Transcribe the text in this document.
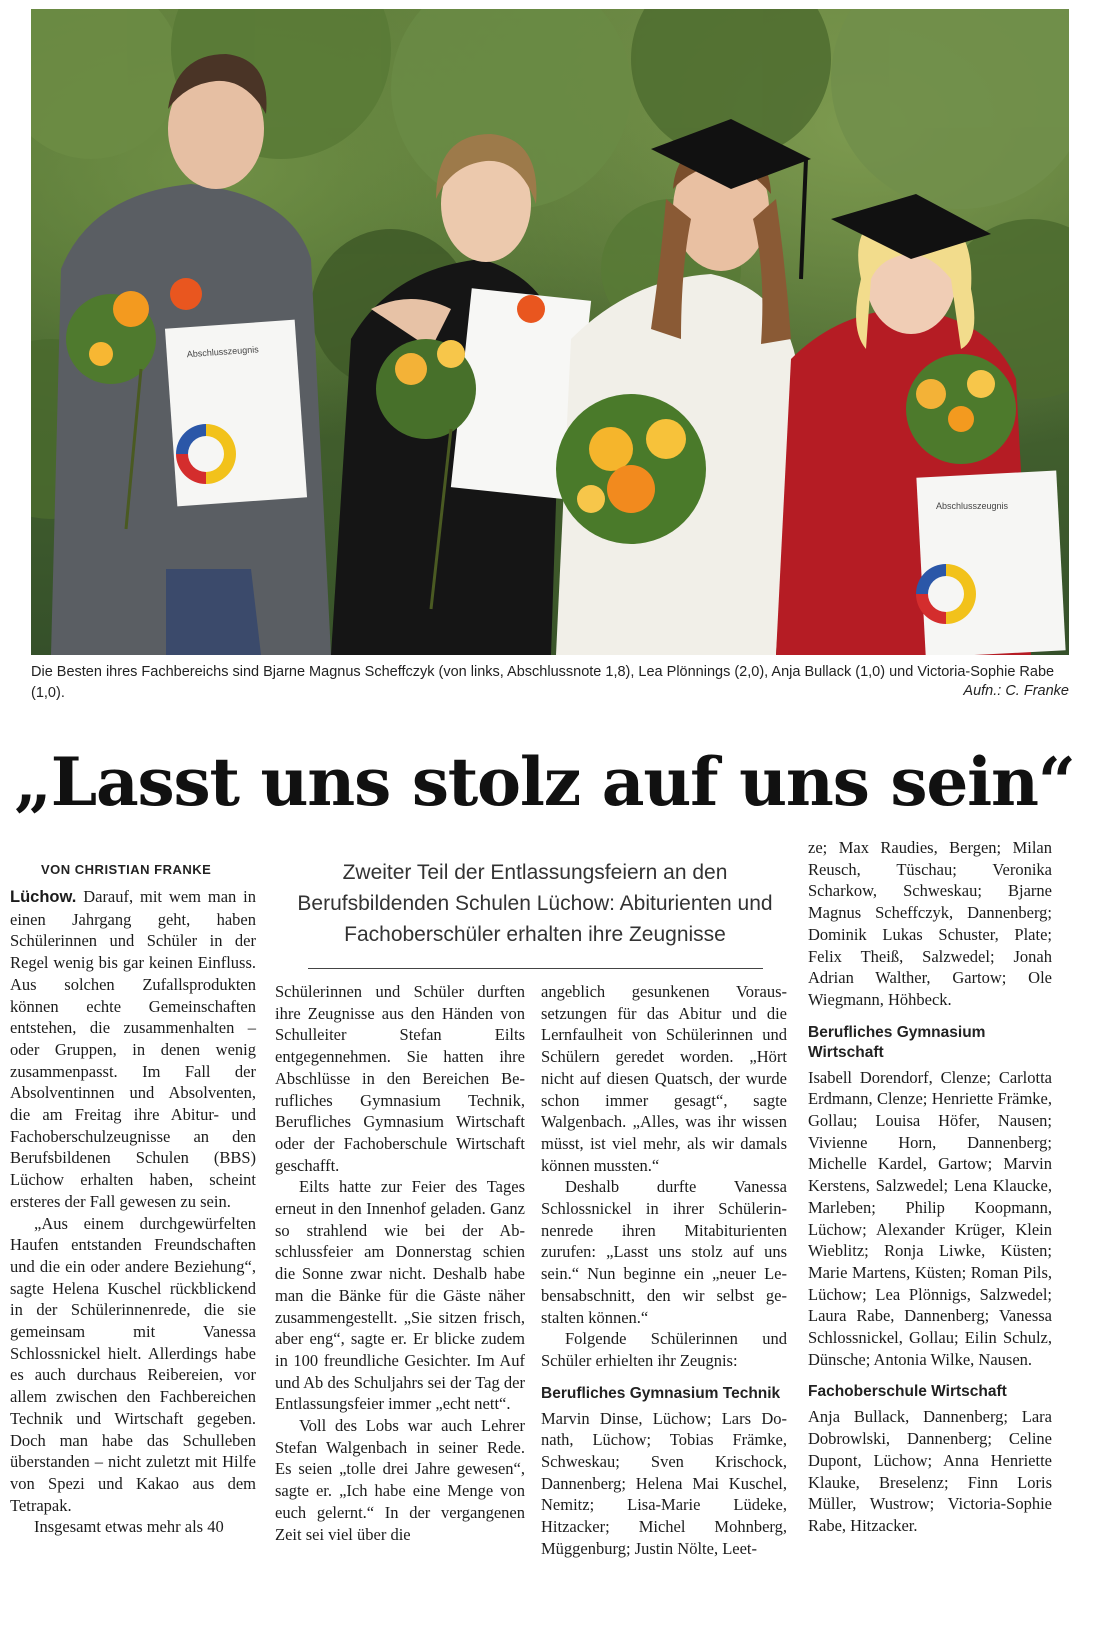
Abschlusszeugnis
Abschlusszeugnis
Die Besten ihres Fachbereichs sind Bjarne Magnus Scheffczyk (von links, Abschlussnote 1,8), Lea Plönnings (2,0), Anja Bullack (1,0) und Victoria-Sophie Rabe (1,0).	Aufn.: C. Franke
„Lasst uns stolz auf uns sein“
VON CHRISTIAN FRANKE	Zweiter Teil der Entlassungsfeiern an den Berufsbildenden Schulen Lüchow: Abiturienten und Fachoberschüler erhalten ihre Zeugnisse

Lüchow. Darauf, mit wem man in einen Jahrgang geht, haben Schülerinnen und Schüler in der Regel wenig bis gar keinen Einfluss. Aus solchen Zufallsprodukten können echte Gemeinschaften entstehen, die zusammenhalten – oder Gruppen, in denen wenig zusammenpasst. Im Fall der Absolventinnen und Absolventen, die am Freitag ihre Abitur- und Fachoberschulzeugnisse an den Berufsbildenen Schulen (BBS) Lüchow erhalten haben, scheint ersteres der Fall gewesen zu sein.

„Aus einem durchgewürfelten Haufen entstanden Freundschaften und die ein oder andere Beziehung“, sagte Helena Kuschel rückblickend in der Schülerinnenrede, die sie gemeinsam mit Vanessa Schlossnickel hielt. Allerdings habe es auch durchaus Reibereien, vor allem zwischen den Fachbereichen Technik und Wirtschaft gegeben. Doch man habe das Schulleben überstanden – nicht zuletzt mit Hilfe von Spezi und Kakao aus dem Tetrapak.

Insgesamt etwas mehr als 40

Schülerinnen und Schüler durften ihre Zeugnisse aus den Händen von Schulleiter Stefan Eilts entgegennehmen. Sie hatten ihre Abschlüsse in den Bereichen Berufliches Gymnasium Technik, Berufliches Gymnasium Wirtschaft oder der Fachoberschule Wirtschaft geschafft.

Eilts hatte zur Feier des Tages erneut in den Innenhof geladen. Ganz so strahlend wie bei der Abschlussfeier am Donnerstag schien die Sonne zwar nicht. Deshalb habe man die Bänke für die Gäste näher zusammengestellt. „Sie sitzen frisch, aber eng“, sagte er. Er blicke zudem in 100 freundliche Gesichter. Im Auf und Ab des Schuljahrs sei der Tag der Entlassungsfeier immer „echt nett“.

Voll des Lobs war auch Lehrer Stefan Walgenbach in seiner Rede. Es seien „tolle drei Jahre gewesen“, sagte er. „Ich habe eine Menge von euch gelernt.“ In der vergangenen Zeit sei viel über die

angeblich gesunkenen Voraussetzungen für das Abitur und die Lernfaulheit von Schülerinnen und Schülern geredet worden. „Hört nicht auf diesen Quatsch, der wurde schon immer gesagt“, sagte Walgenbach. „Alles, was ihr wissen müsst, ist viel mehr, als wir damals können mussten.“

Deshalb durfte Vanessa Schlossnickel in ihrer Schülerinnenrede ihren Mitabiturienten zurufen: „Lasst uns stolz auf uns sein.“ Nun beginne ein „neuer Lebensabschnitt, den wir selbst gestalten können.“

Folgende Schülerinnen und Schüler erhielten ihr Zeugnis:

Berufliches Gymnasium Technik

Marvin Dinse, Lüchow; Lars Donath, Lüchow; Tobias Främke, Schweskau; Sven Krischock, Dannenberg; Helena Mai Kuschel, Nemitz; Lisa-Marie Lüdeke, Hitzacker; Michel Mohnberg, Müggenburg; Justin Nölte, Leet-

ze; Max Raudies, Bergen; Milan Reusch, Tüschau; Veronika Scharkow, Schweskau; Bjarne Magnus Scheffczyk, Dannenberg; Dominik Lukas Schuster, Plate; Felix Theiß, Salzwedel; Jonah Adrian Walther, Gartow; Ole Wiegmann, Höhbeck.

Berufliches Gymnasium Wirtschaft

Isabell Dorendorf, Clenze; Carlotta Erdmann, Clenze; Henriette Främke, Gollau; Louisa Höfer, Nausen; Vivienne Horn, Dannenberg; Michelle Kardel, Gartow; Marvin Kerstens, Salzwedel; Lena Klaucke, Marleben; Philip Koopmann, Lüchow; Alexander Krüger, Klein Wieblitz; Ronja Liwke, Küsten; Marie Martens, Küsten; Roman Pils, Lüchow; Lea Plönnigs, Salzwedel; Laura Rabe, Dannenberg; Vanessa Schlossnickel, Gollau; Eilin Schulz, Dünsche; Antonia Wilke, Nausen.

Fachoberschule Wirtschaft

Anja Bullack, Dannenberg; Lara Dobrowlski, Dannenberg; Celine Dupont, Lüchow; Anna Henriette Klauke, Breselenz; Finn Loris Müller, Wustrow; Victoria-Sophie Rabe, Hitzacker.
